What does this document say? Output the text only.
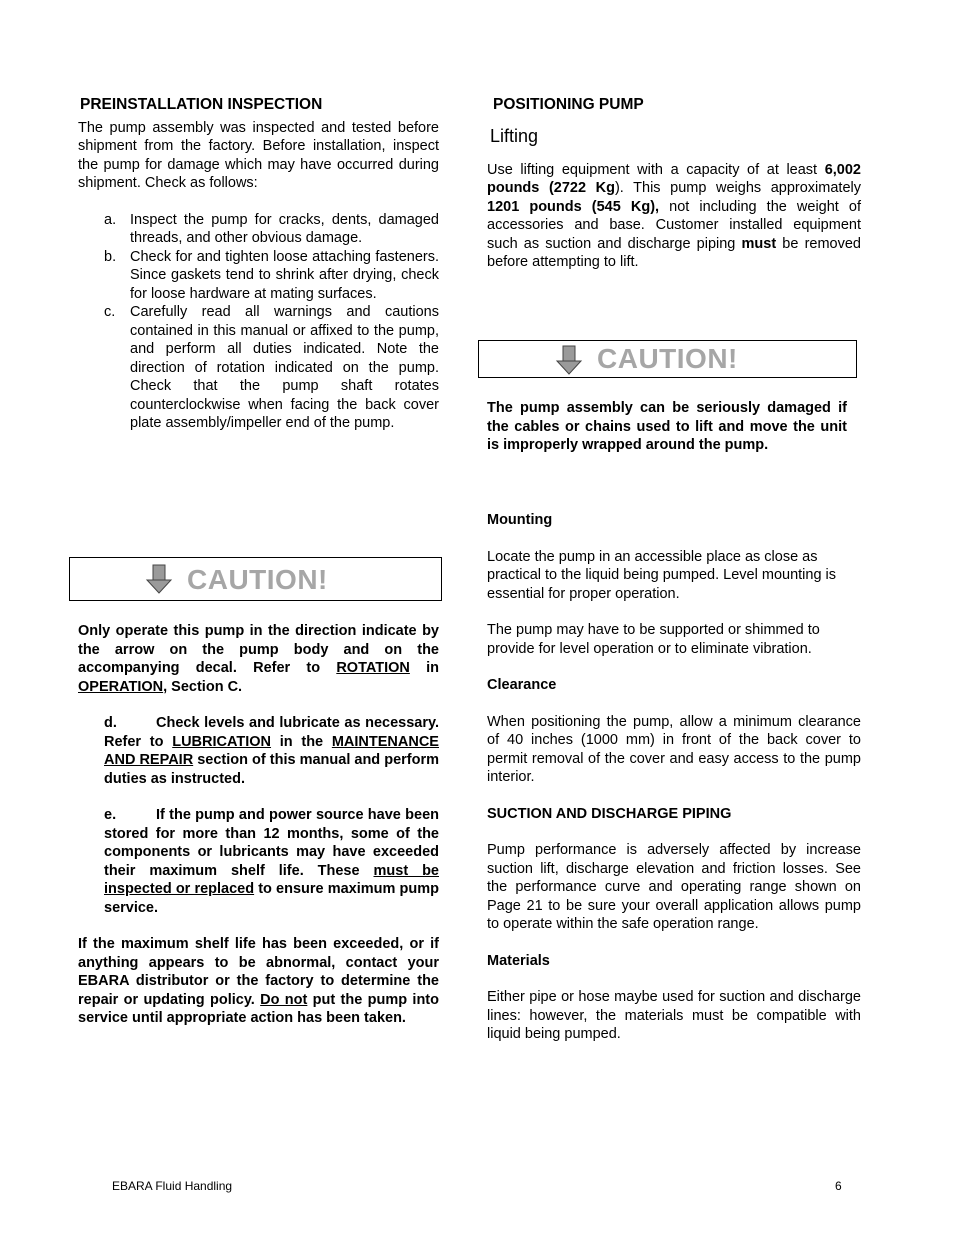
PREINSTALLATION INSPECTION

The pump assembly was inspected and tested before shipment from the factory. Before installation, inspect the pump for damage which may have occurred during shipment. Check as follows:

a. Inspect the pump for cracks, dents, damaged threads, and other obvious damage.
b. Check for and tighten loose attaching fasteners. Since gaskets tend to shrink after drying, check for loose hardware at mating surfaces.
c.	Carefully read all warnings and cautions contained in this manual or affixed to the pump, and perform all duties indicated. Note the direction of rotation indicated on the pump. Check that the pump shaft rotates counterclockwise when facing the back cover plate assembly/impeller end of the pump.
CAUTION!

Only operate this pump in the direction indicate by the arrow on the pump body and on the accompanying decal. Refer to ROTATION in OPERATION, Section C.

d.	Check levels and lubricate as necessary. Refer to LUBRICATION in the MAINTENANCE AND REPAIR section of this manual and perform duties as instructed.

e.	If the pump and power source have been stored for more than 12 months, some of the components or lubricants may have exceeded their maximum shelf life. These must be inspected or replaced to ensure maximum pump service.

If the maximum shelf life has been exceeded, or if anything appears to be abnormal, contact your EBARA distributor or the factory to determine the repair or updating policy. Do not put the pump into service until appropriate action has been taken.

POSITIONING PUMP
Lifting

Use lifting equipment with a capacity of at least 6,002 pounds (2722 Kg). This pump weighs approximately 1201 pounds (545 Kg), not including the weight of accessories and base. Customer installed equipment such as suction and discharge piping must be removed before attempting to lift.

CAUTION!

The pump assembly can be seriously damaged if the cables or chains used to lift and move the unit is improperly wrapped around the pump.

Mounting

Locate the pump in an accessible place as close as practical to the liquid being pumped. Level mounting is essential for proper operation.

The pump may have to be supported or shimmed to provide for level operation or to eliminate vibration.

Clearance

When positioning the pump, allow a minimum clearance of 40 inches (1000 mm) in front of the back cover to permit removal of the cover and easy access to the pump interior.

SUCTION AND DISCHARGE PIPING

Pump performance is adversely affected by increase suction lift, discharge elevation and friction losses. See the performance curve and operating range shown on Page 21 to be sure your overall application allows pump to operate within the safe operation range.

Materials

Either pipe or hose maybe used for suction and discharge lines: however, the materials must be compatible with liquid being pumped.

EBARA Fluid Handling	6
